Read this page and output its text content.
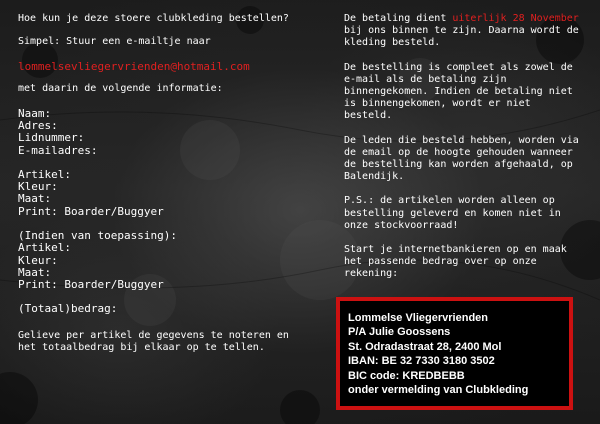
Hoe kun je deze stoere clubkleding bestellen?

Simpel: Stuur een e-mailtje naar

lommelsevliegervrienden@hotmail.com

met daarin de volgende informatie:

Naam:

Adres:

Lidnummer:

E-mailadres:

Artikel:

Kleur:

Maat:

Print: Boarder/Buggyer

(Indien van toepassing):

Artikel:

Kleur:

Maat:

Print: Boarder/Buggyer

(Totaal)bedrag:

Gelieve per artikel de gegevens te noteren en het totaalbedrag bij elkaar op te tellen.

De betaling dient uiterlijk 28 November bij ons binnen te zijn. Daarna wordt de kleding besteld.

De bestelling is compleet als zowel de e-mail als de betaling zijn binnengekomen. Indien de betaling niet is binnengekomen, wordt er niet besteld.

De leden die besteld hebben, worden via de email op de hoogte gehouden wanneer de bestelling kan worden afgehaald, op Balendijk.

P.S.: de artikelen worden alleen op bestelling geleverd en komen niet in onze stockvoorraad!

Start je internetbankieren op en maak het passende bedrag over op onze rekening:

Lommelse Vliegervrienden
P/A Julie Goossens
St. Odradastraat 28, 2400 Mol
IBAN: BE 32 7330 3180 3502
BIC code: KREDBEBB
onder vermelding van Clubkleding
